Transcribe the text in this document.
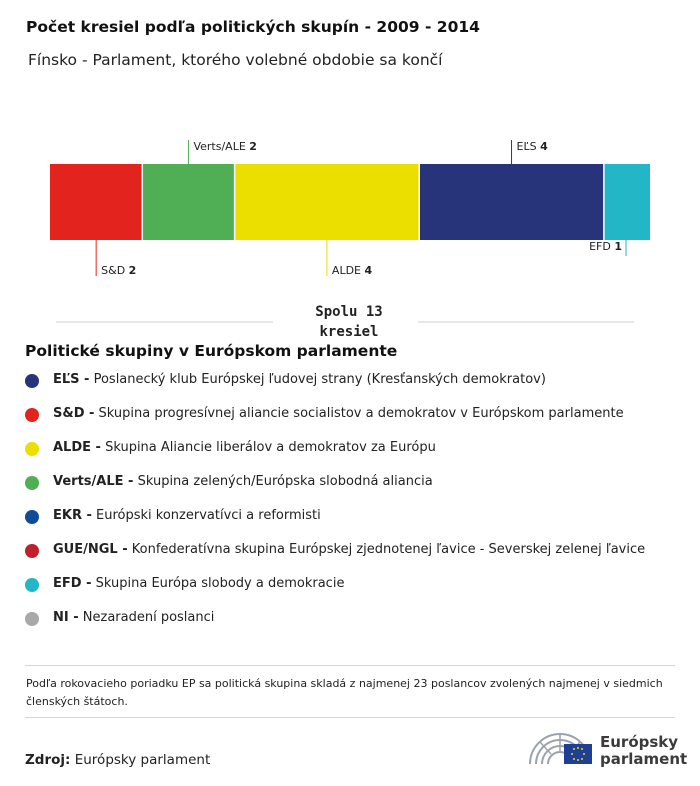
Počet kresiel podľa politických skupín - 2009 - 2014
Fínsko - Parlament, ktorého volebné obdobie sa končí
S&D 2
Verts/ALE 2
ALDE 4
EĽS 4
EFD 1
Spolu 13
kresiel
Politické skupiny v Európskom parlamente
EĽS - Poslanecký klub Európskej ľudovej strany (Kresťanských demokratov)
S&D - Skupina progresívnej aliancie socialistov a demokratov v Európskom parlamente
ALDE - Skupina Aliancie liberálov a demokratov za Európu
Verts/ALE - Skupina zelených/Európska slobodná aliancia
EKR - Európski konzervatívci a reformisti
GUE/NGL - Konfederatívna skupina Európskej zjednotenej ľavice - Severskej zelenej ľavice
EFD - Skupina Európa slobody a demokracie
NI - Nezaradení poslanci
Podľa rokovacieho poriadku EP sa politická skupina skladá z najmenej 23 poslancov zvolených najmenej v siedmich členských štátoch.
Zdroj: Európsky parlament
Európsky
parlament
